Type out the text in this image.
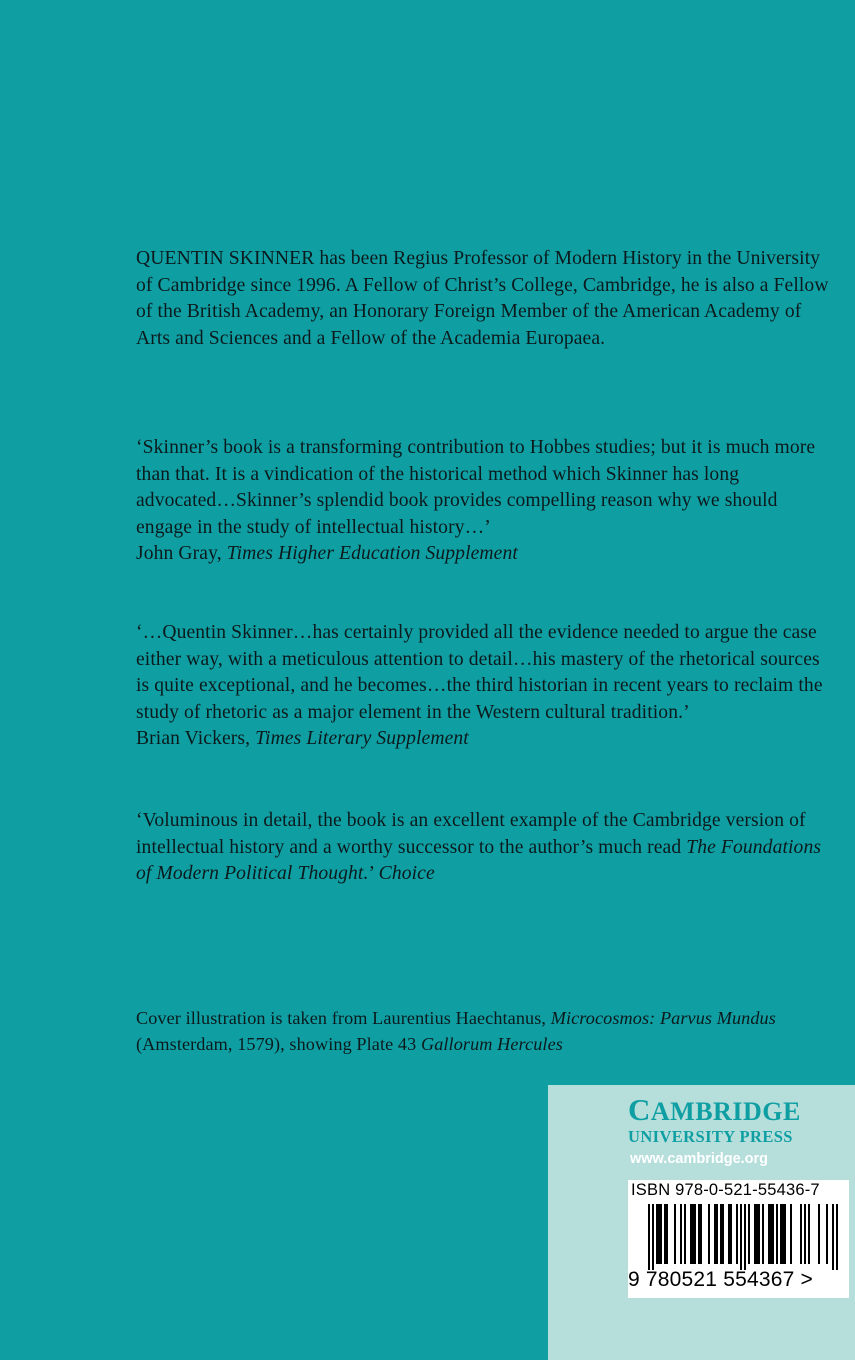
QUENTIN SKINNER has been Regius Professor of Modern History in the University of Cambridge since 1996. A Fellow of Christ’s College, Cambridge, he is also a Fellow of the British Academy, an Honorary Foreign Member of the American Academy of Arts and Sciences and a Fellow of the Academia Europaea.

‘Skinner’s book is a transforming contribution to Hobbes studies; but it is much more than that. It is a vindication of the historical method which Skinner has long advocated…Skinner’s splendid book provides compelling reason why we should engage in the study of intellectual history…’

John Gray, Times Higher Education Supplement

‘…Quentin Skinner…has certainly provided all the evidence needed to argue the case either way, with a meticulous attention to detail…his mastery of the rhetorical sources is quite exceptional, and he becomes…the third historian in recent years to reclaim the study of rhetoric as a major element in the Western cultural tradition.’

Brian Vickers, Times Literary Supplement

‘Voluminous in detail, the book is an excellent example of the Cambridge version of intellectual history and a worthy successor to the author’s much read The Foundations of Modern Political Thought.’ Choice

Cover illustration is taken from Laurentius Haechtanus, Microcosmos: Parvus Mundus (Amsterdam, 1579), showing Plate 43 Gallorum Hercules

CAMBRIDGE
UNIVERSITY PRESS
www.cambridge.org
ISBN 978-0-521-55436-7
9 780521 554367 >
